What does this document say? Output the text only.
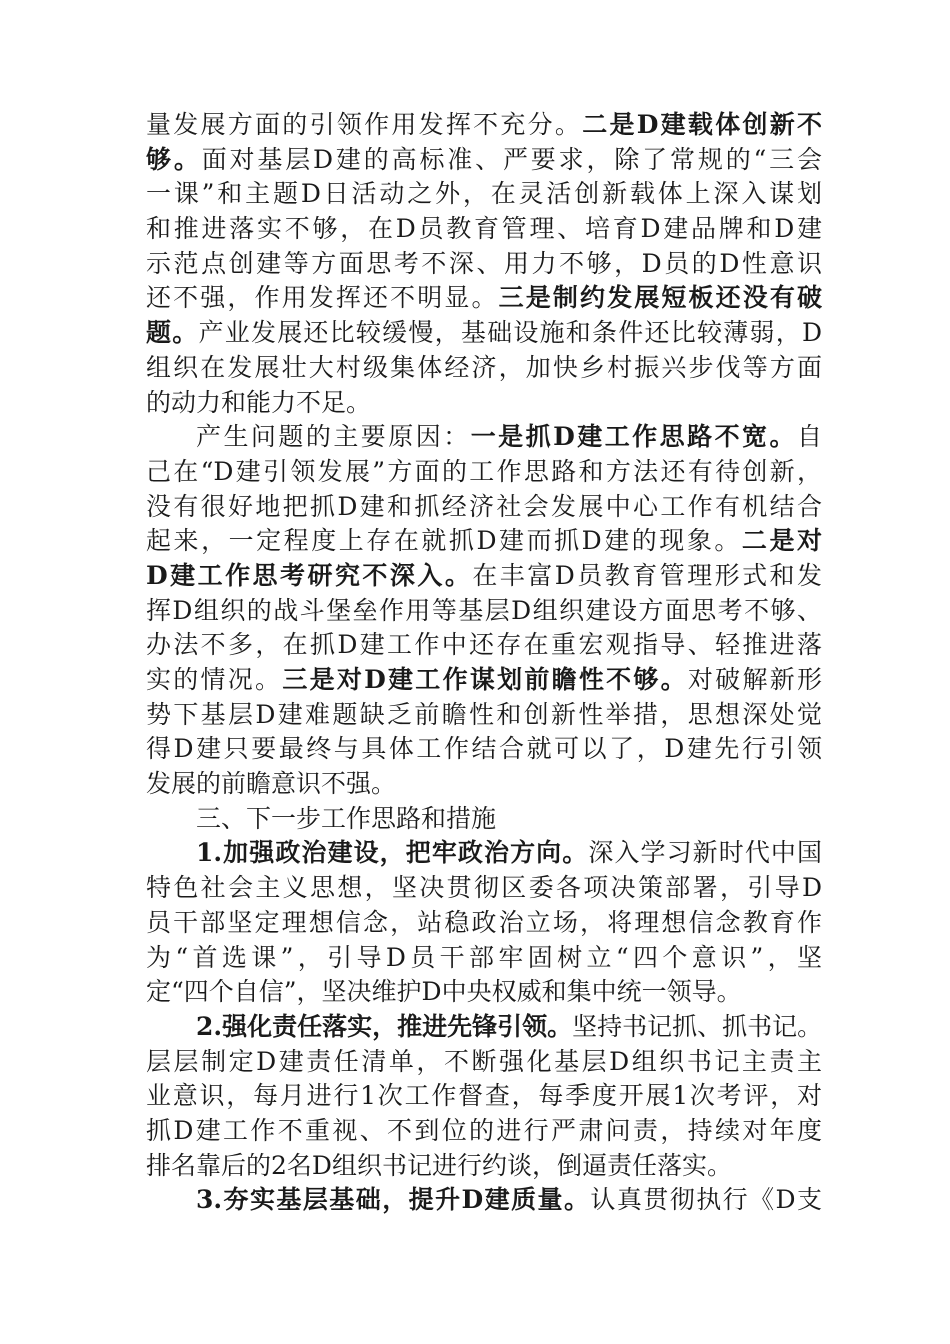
量发展方面的引领作用发挥不充分。二是D建载体创新不
够。面对基层D建的高标准、严要求，除了常规的“三会
一课”和主题D日活动之外，在灵活创新载体上深入谋划
和推进落实不够，在D员教育管理、培育D建品牌和D建
示范点创建等方面思考不深、用力不够，D员的D性意识
还不强，作用发挥还不明显。三是制约发展短板还没有破
题。产业发展还比较缓慢，基础设施和条件还比较薄弱，D
组织在发展壮大村级集体经济，加快乡村振兴步伐等方面
的动力和能力不足。
产生问题的主要原因：一是抓D建工作思路不宽。自
己在“D建引领发展”方面的工作思路和方法还有待创新，
没有很好地把抓D建和抓经济社会发展中心工作有机结合
起来，一定程度上存在就抓D建而抓D建的现象。二是对
D建工作思考研究不深入。在丰富D员教育管理形式和发
挥D组织的战斗堡垒作用等基层D组织建设方面思考不够、
办法不多，在抓D建工作中还存在重宏观指导、轻推进落
实的情况。三是对D建工作谋划前瞻性不够。对破解新形
势下基层D建难题缺乏前瞻性和创新性举措，思想深处觉
得D建只要最终与具体工作结合就可以了，D建先行引领
发展的前瞻意识不强。
三、下一步工作思路和措施
1.加强政治建设，把牢政治方向。深入学习新时代中国
特色社会主义思想，坚决贯彻区委各项决策部署，引导D
员干部坚定理想信念，站稳政治立场，将理想信念教育作
为“首选课”，引导D员干部牢固树立“四个意识”，坚
定“四个自信”，坚决维护D中央权威和集中统一领导。
2.强化责任落实，推进先锋引领。坚持书记抓、抓书记。
层层制定D建责任清单，不断强化基层D组织书记主责主
业意识，每月进行1次工作督查，每季度开展1次考评，对
抓D建工作不重视、不到位的进行严肃问责，持续对年度
排名靠后的2名D组织书记进行约谈，倒逼责任落实。
3.夯实基层基础，提升D建质量。认真贯彻执行《D支
